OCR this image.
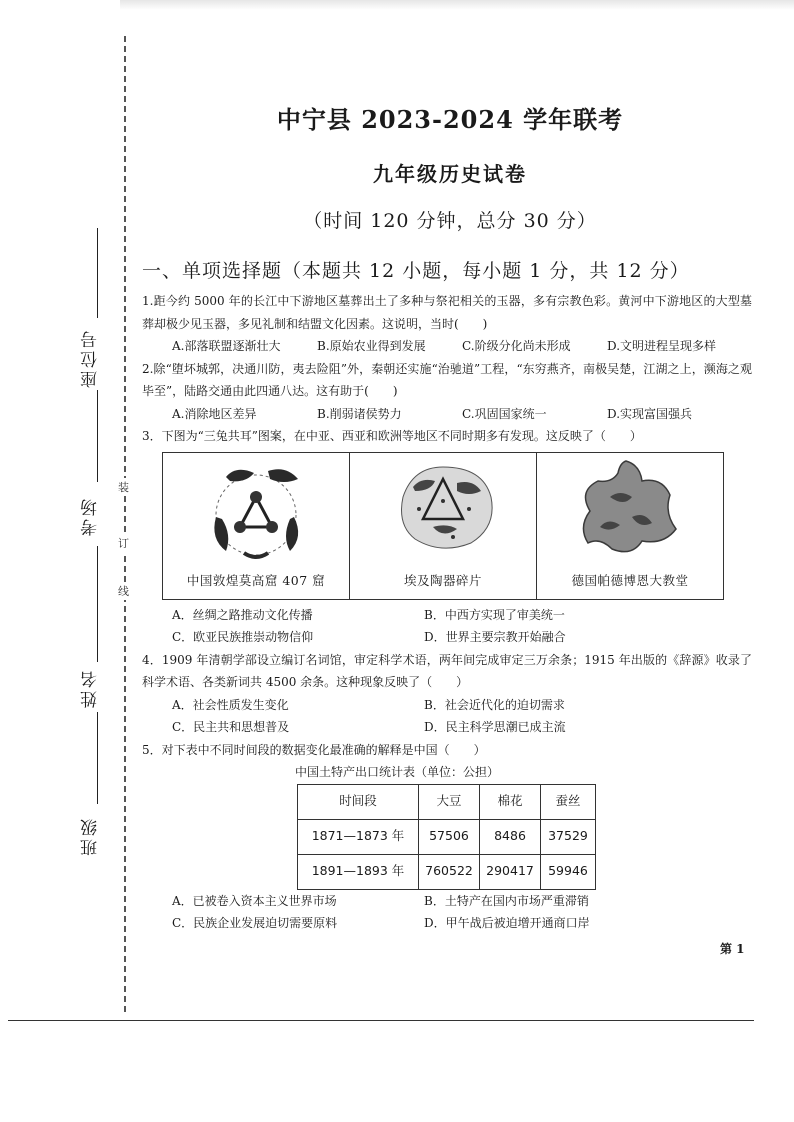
装
订
线
座位号
考场
姓名
班级
中宁县 2023-2024 学年联考
九年级历史试卷
（时间 120 分钟，总分 30 分）
一、单项选择题（本题共 12 小题，每小题 1 分，共 12 分）

1.距今约 5000 年的长江中下游地区墓葬出土了多种与祭祀相关的玉器，多有宗教色彩。黄河中下游地区的大型墓葬却极少见玉器，多见礼制和结盟文化因素。这说明，当时(　　)

A.部落联盟逐渐壮大	B.原始农业得到发展	C.阶级分化尚未形成	D.文明进程呈现多样

2.除“堕坏城郭，决通川防，夷去险阻”外，秦朝还实施“治驰道”工程，“东穷燕齐，南极吴楚，江湖之上，濒海之观毕至”，陆路交通由此四通八达。这有助于(　　)

A.消除地区差异	B.削弱诸侯势力	C.巩固国家统一	D.实现富国强兵

3．下图为“三兔共耳”图案，在中亚、西亚和欧洲等地区不同时期多有发现。这反映了（　　）

中国敦煌莫高窟 407 窟	埃及陶器碎片	德国帕德博恩大教堂
A．丝绸之路推动文化传播	B．中西方实现了审美统一
C．欧亚民族推崇动物信仰	D．世界主要宗教开始融合

4．1909 年清朝学部设立编订名词馆，审定科学术语，两年间完成审定三万余条；1915 年出版的《辞源》收录了科学术语、各类新词共 4500 余条。这种现象反映了（　　）

A．社会性质发生变化	B．社会近代化的迫切需求
C．民主共和思想普及	D．民主科学思潮已成主流

5．对下表中不同时间段的数据变化最准确的解释是中国（　　）

中国土特产出口统计表（单位：公担）
时间段	大豆	棉花	蚕丝
1871—1873 年	57506	8486	37529
1891—1893 年	760522	290417	59946
A．已被卷入资本主义世界市场	B．土特产在国内市场严重滞销
C．民族企业发展迫切需要原料	D．甲午战后被迫增开通商口岸
第 1
